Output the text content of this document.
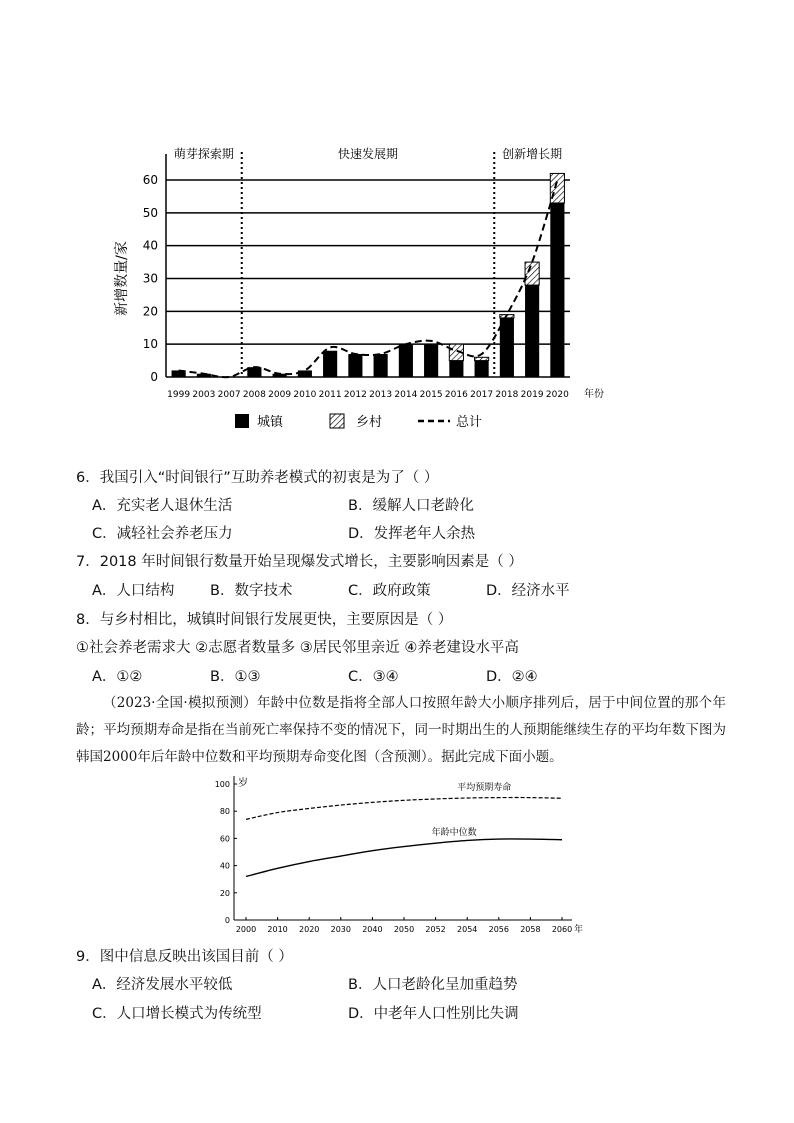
0
10
20
30
40
50
60
新增数量/家
年份
萌芽探索期	快速发展期	创新增长期
1999 2003 2007 2008 2009 2010 2011 2012 2013 2014 2015 2016 2017 2018 2019 2020
城镇	乡村	总计
6．我国引入“时间银行”互助养老模式的初衷是为了（ ）
A．充实老人退休生活	B．缓解人口老龄化
C．减轻社会养老压力	D．发挥老年人余热
7．2018 年时间银行数量开始呈现爆发式增长，主要影响因素是（ ）
A．人口结构 B．数字技术	C．政府政策	D．经济水平
8．与乡村相比，城镇时间银行发展更快，主要原因是（ ）
①社会养老需求大 ②志愿者数量多 ③居民邻里亲近 ④养老建设水平高
A．①②	B．①③	C．③④	D．②④

（2023·全国·模拟预测）年龄中位数是指将全部人口按照年龄大小顺序排列后，居于中间位置的那个年龄；平均预期寿命是指在当前死亡率保持不变的情况下，同一时期出生的人预期能继续生存的平均年数下图为韩国2000年后年龄中位数和平均预期寿命变化图（含预测）。据此完成下面小题。

岁
0
20
40
60
80
100
2000 2010 2020 2030 2040 2050 2052 2054 2056 2058 2060 年
平均预期寿命
年龄中位数
9．图中信息反映出该国目前（ ）
A．经济发展水平较低	B．人口老龄化呈加重趋势
C．人口增长模式为传统型	D．中老年人口性别比失调
